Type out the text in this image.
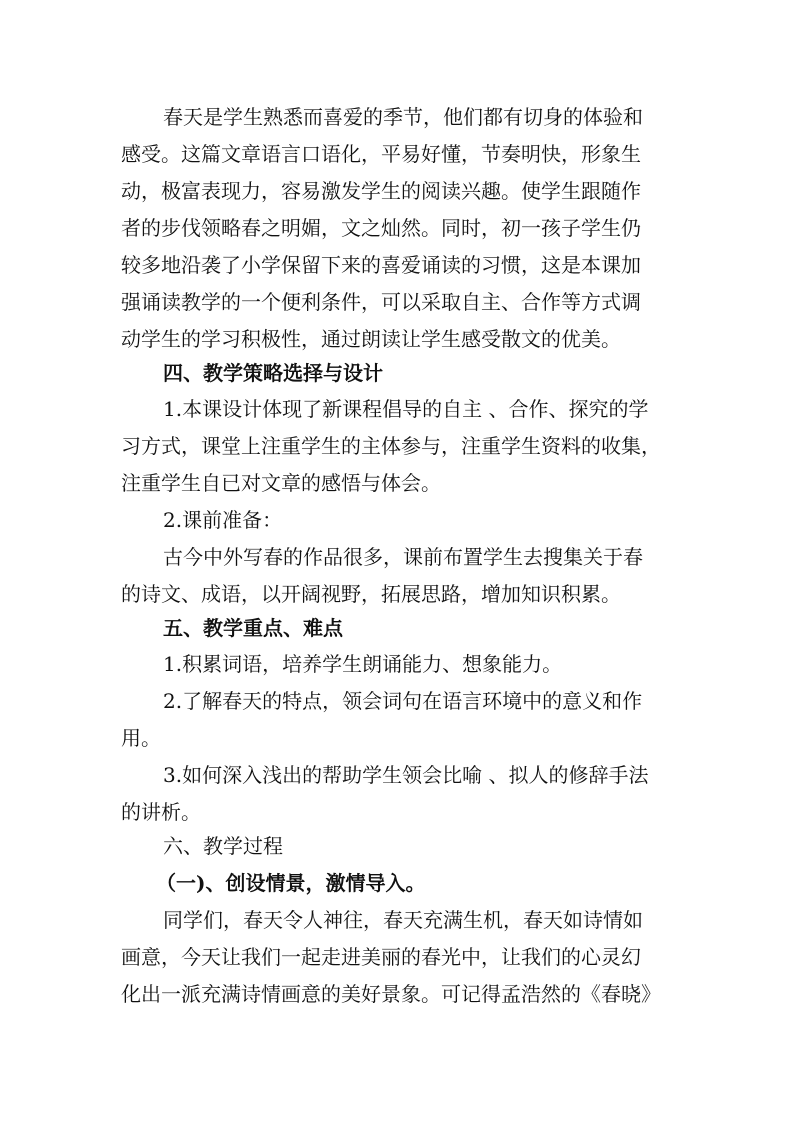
春天是学生熟悉而喜爱的季节，他们都有切身的体验和
感受。这篇文章语言口语化，平易好懂，节奏明快，形象生
动，极富表现力，容易激发学生的阅读兴趣。使学生跟随作
者的步伐领略春之明媚，文之灿然。同时，初一孩子学生仍
较多地沿袭了小学保留下来的喜爱诵读的习惯，这是本课加
强诵读教学的一个便利条件，可以采取自主、合作等方式调
动学生的学习积极性，通过朗读让学生感受散文的优美。
四、教学策略选择与设计
1.本课设计体现了新课程倡导的自主 、合作、探究的学
习方式，课堂上注重学生的主体参与，注重学生资料的收集，
注重学生自已对文章的感悟与体会。
2.课前准备：
古今中外写春的作品很多，课前布置学生去搜集关于春
的诗文、成语，以开阔视野，拓展思路，增加知识积累。
五、教学重点、难点
1.积累词语，培养学生朗诵能力、想象能力。
2.了解春天的特点，领会词句在语言环境中的意义和作
用。
3.如何深入浅出的帮助学生领会比喻 、拟人的修辞手法
的讲析。
六、教学过程
（一)、创设情景，激情导入。
同学们，春天令人神往，春天充满生机，春天如诗情如
画意，今天让我们一起走进美丽的春光中，让我们的心灵幻
化出一派充满诗情画意的美好景象。可记得孟浩然的《春晓》
